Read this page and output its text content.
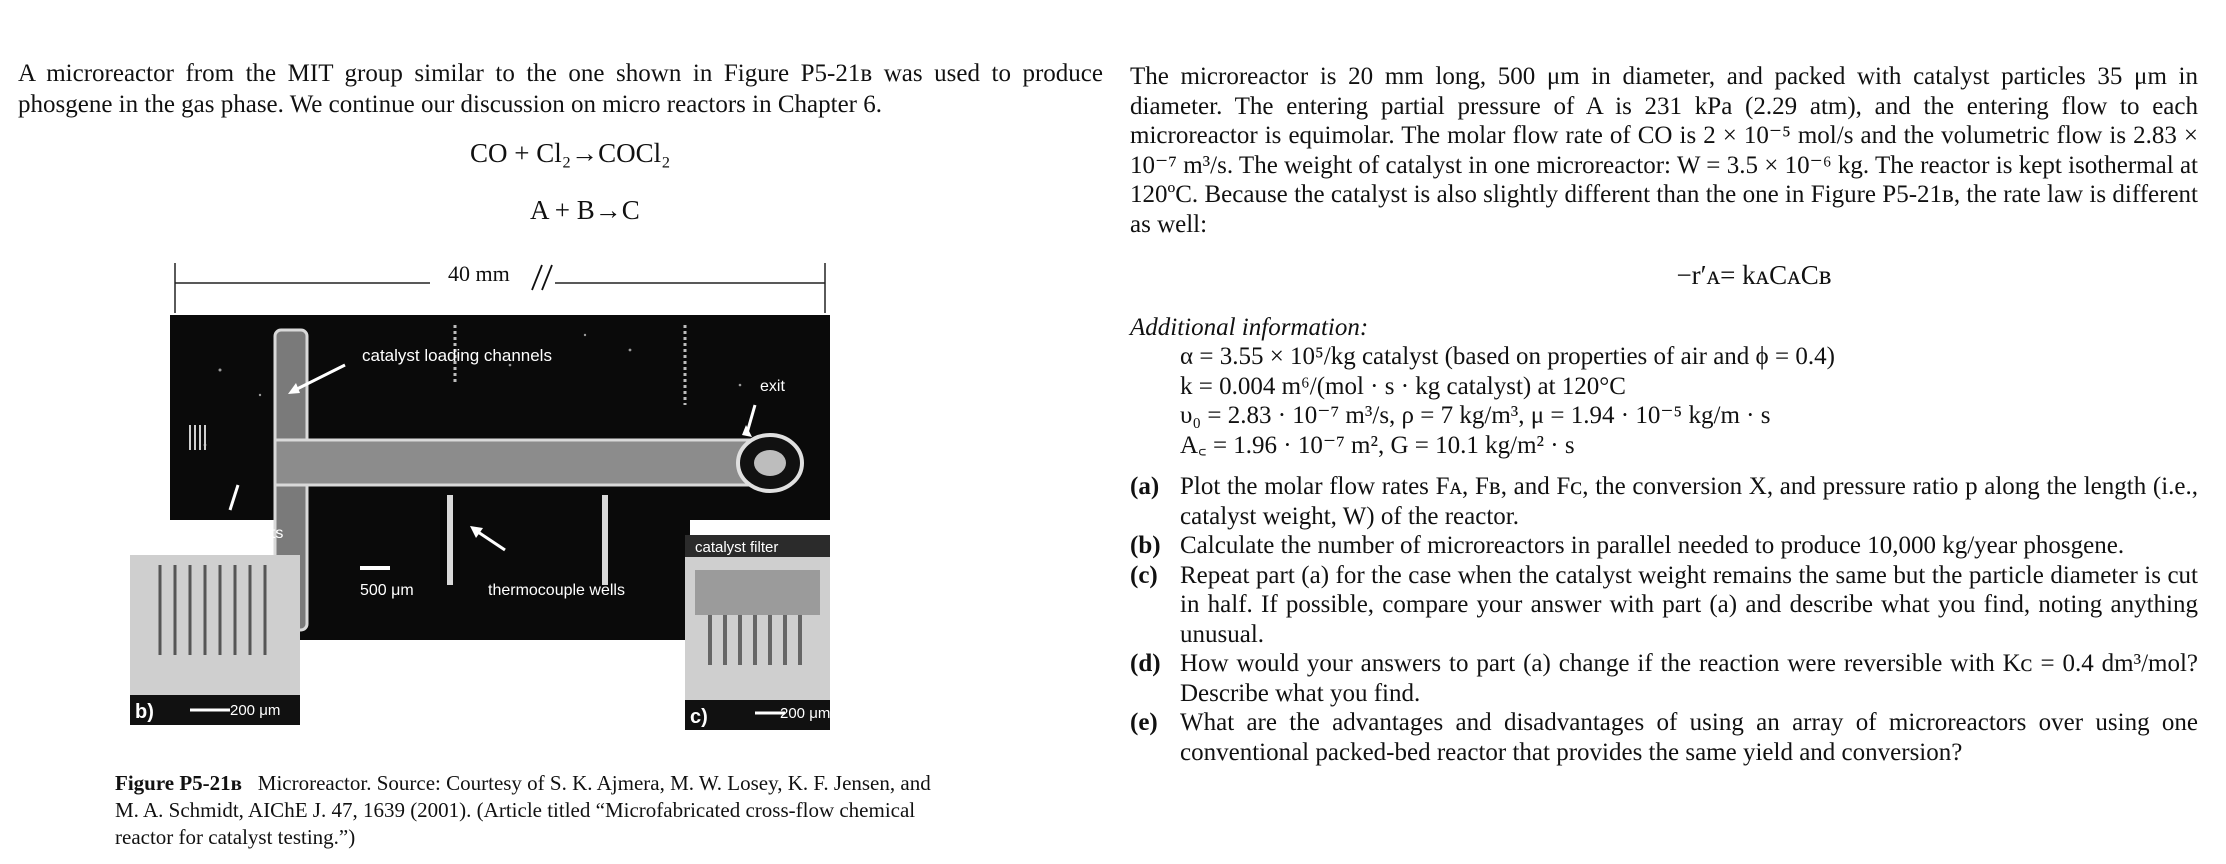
A microreactor from the MIT group similar to the one shown in Figure P5-21ʙ was used to produce phosgene in the gas phase. We continue our discussion on micro reactors in Chapter 6.
CO + Cl₂→COCl₂
A + B→C
40 mm
a)
catalyst loading channels
exit
inlets
500 μm	thermocouple wells
b)	200 μm
catalyst filter
c)	200 μm
Figure P5-21ʙ Microreactor. Source: Courtesy of S. K. Ajmera, M. W. Losey, K. F. Jensen, and M. A. Schmidt, AIChE J. 47, 1639 (2001). (Article titled “Microfabricated cross-flow chemical reactor for catalyst testing.”)
The microreactor is 20 mm long, 500 μm in diameter, and packed with catalyst particles 35 μm in diameter. The entering partial pressure of A is 231 kPa (2.29 atm), and the entering flow to each microreactor is equimolar. The molar flow rate of CO is 2 × 10⁻⁵ mol/s and the volumetric flow is 2.83 × 10⁻⁷ m³/s. The weight of catalyst in one microreactor: W = 3.5 × 10⁻⁶ kg. The reactor is kept isothermal at 120ºC. Because the catalyst is also slightly different than the one in Figure P5-21ʙ, the rate law is different as well:
−r′ᴀ= kᴀCᴀCʙ
Additional information:
α = 3.55 × 10⁵/kg catalyst (based on properties of air and ϕ = 0.4)
k = 0.004 m⁶/(mol · s · kg catalyst) at 120°C
υ₀ = 2.83 · 10⁻⁷ m³/s, ρ = 7 kg/m³, μ = 1.94 · 10⁻⁵ kg/m · s
A꜀ = 1.96 · 10⁻⁷ m², G = 10.1 kg/m² · s
(a) Plot the molar flow rates Fᴀ, Fʙ, and Fᴄ, the conversion X, and pressure ratio p along the length (i.e., catalyst weight, W) of the reactor.
(b) Calculate the number of microreactors in parallel needed to produce 10,000 kg/year phosgene.
(c) Repeat part (a) for the case when the catalyst weight remains the same but the particle diameter is cut in half. If possible, compare your answer with part (a) and describe what you find, noting anything unusual.
(d) How would your answers to part (a) change if the reaction were reversible with Kᴄ = 0.4 dm³/mol? Describe what you find.
(e) What are the advantages and disadvantages of using an array of microreactors over using one conventional packed-bed reactor that provides the same yield and conversion?
